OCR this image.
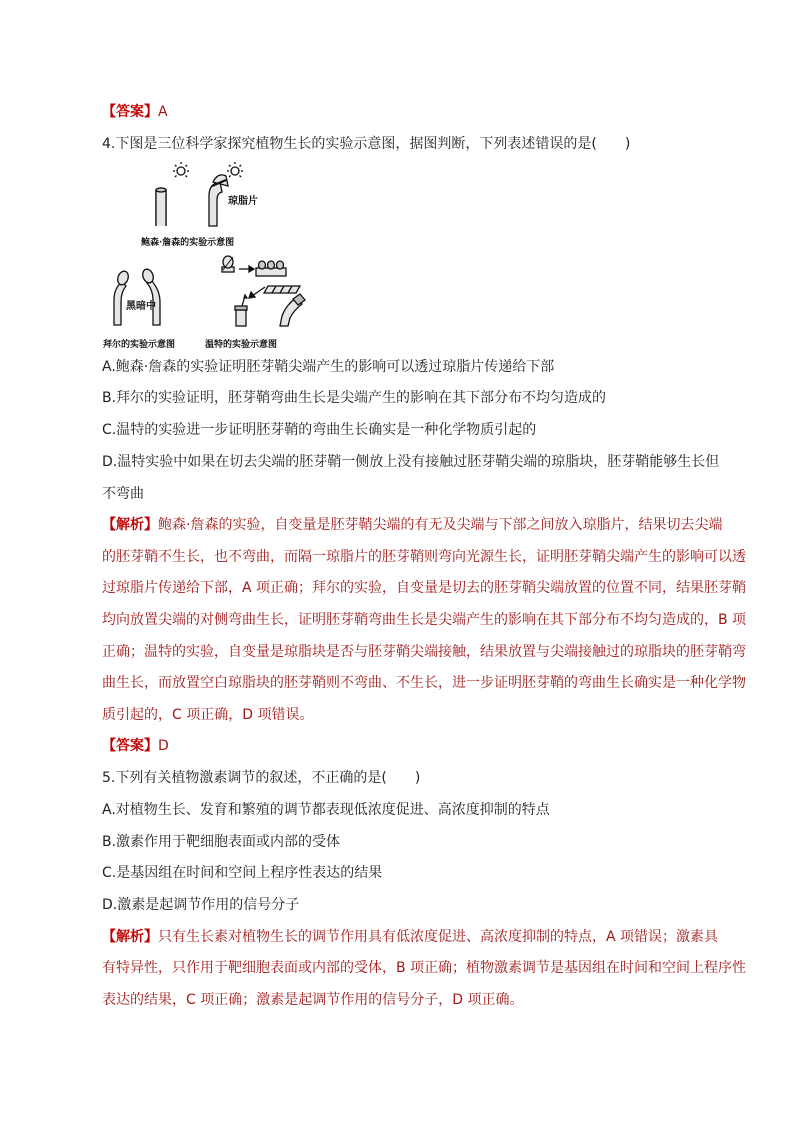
【答案】A
4.下图是三位科学家探究植物生长的实验示意图，据图判断，下列表述错误的是(　　)
琼脂片
鲍森·詹森的实验示意图
黑暗中
拜尔的实验示意图	温特的实验示意图
A.鲍森·詹森的实验证明胚芽鞘尖端产生的影响可以透过琼脂片传递给下部
B.拜尔的实验证明，胚芽鞘弯曲生长是尖端产生的影响在其下部分布不均匀造成的
C.温特的实验进一步证明胚芽鞘的弯曲生长确实是一种化学物质引起的
D.温特实验中如果在切去尖端的胚芽鞘一侧放上没有接触过胚芽鞘尖端的琼脂块，胚芽鞘能够生长但
不弯曲
【解析】鲍森·詹森的实验，自变量是胚芽鞘尖端的有无及尖端与下部之间放入琼脂片，结果切去尖端
的胚芽鞘不生长，也不弯曲，而隔一琼脂片的胚芽鞘则弯向光源生长，证明胚芽鞘尖端产生的影响可以透
过琼脂片传递给下部，A 项正确；拜尔的实验，自变量是切去的胚芽鞘尖端放置的位置不同，结果胚芽鞘
均向放置尖端的对侧弯曲生长，证明胚芽鞘弯曲生长是尖端产生的影响在其下部分布不均匀造成的，B 项
正确；温特的实验，自变量是琼脂块是否与胚芽鞘尖端接触，结果放置与尖端接触过的琼脂块的胚芽鞘弯
曲生长，而放置空白琼脂块的胚芽鞘则不弯曲、不生长，进一步证明胚芽鞘的弯曲生长确实是一种化学物
质引起的，C 项正确，D 项错误。
【答案】D
5.下列有关植物激素调节的叙述，不正确的是(　　)
A.对植物生长、发育和繁殖的调节都表现低浓度促进、高浓度抑制的特点
B.激素作用于靶细胞表面或内部的受体
C.是基因组在时间和空间上程序性表达的结果
D.激素是起调节作用的信号分子
【解析】只有生长素对植物生长的调节作用具有低浓度促进、高浓度抑制的特点，A 项错误；激素具
有特异性，只作用于靶细胞表面或内部的受体，B 项正确；植物激素调节是基因组在时间和空间上程序性
表达的结果，C 项正确；激素是起调节作用的信号分子，D 项正确。
